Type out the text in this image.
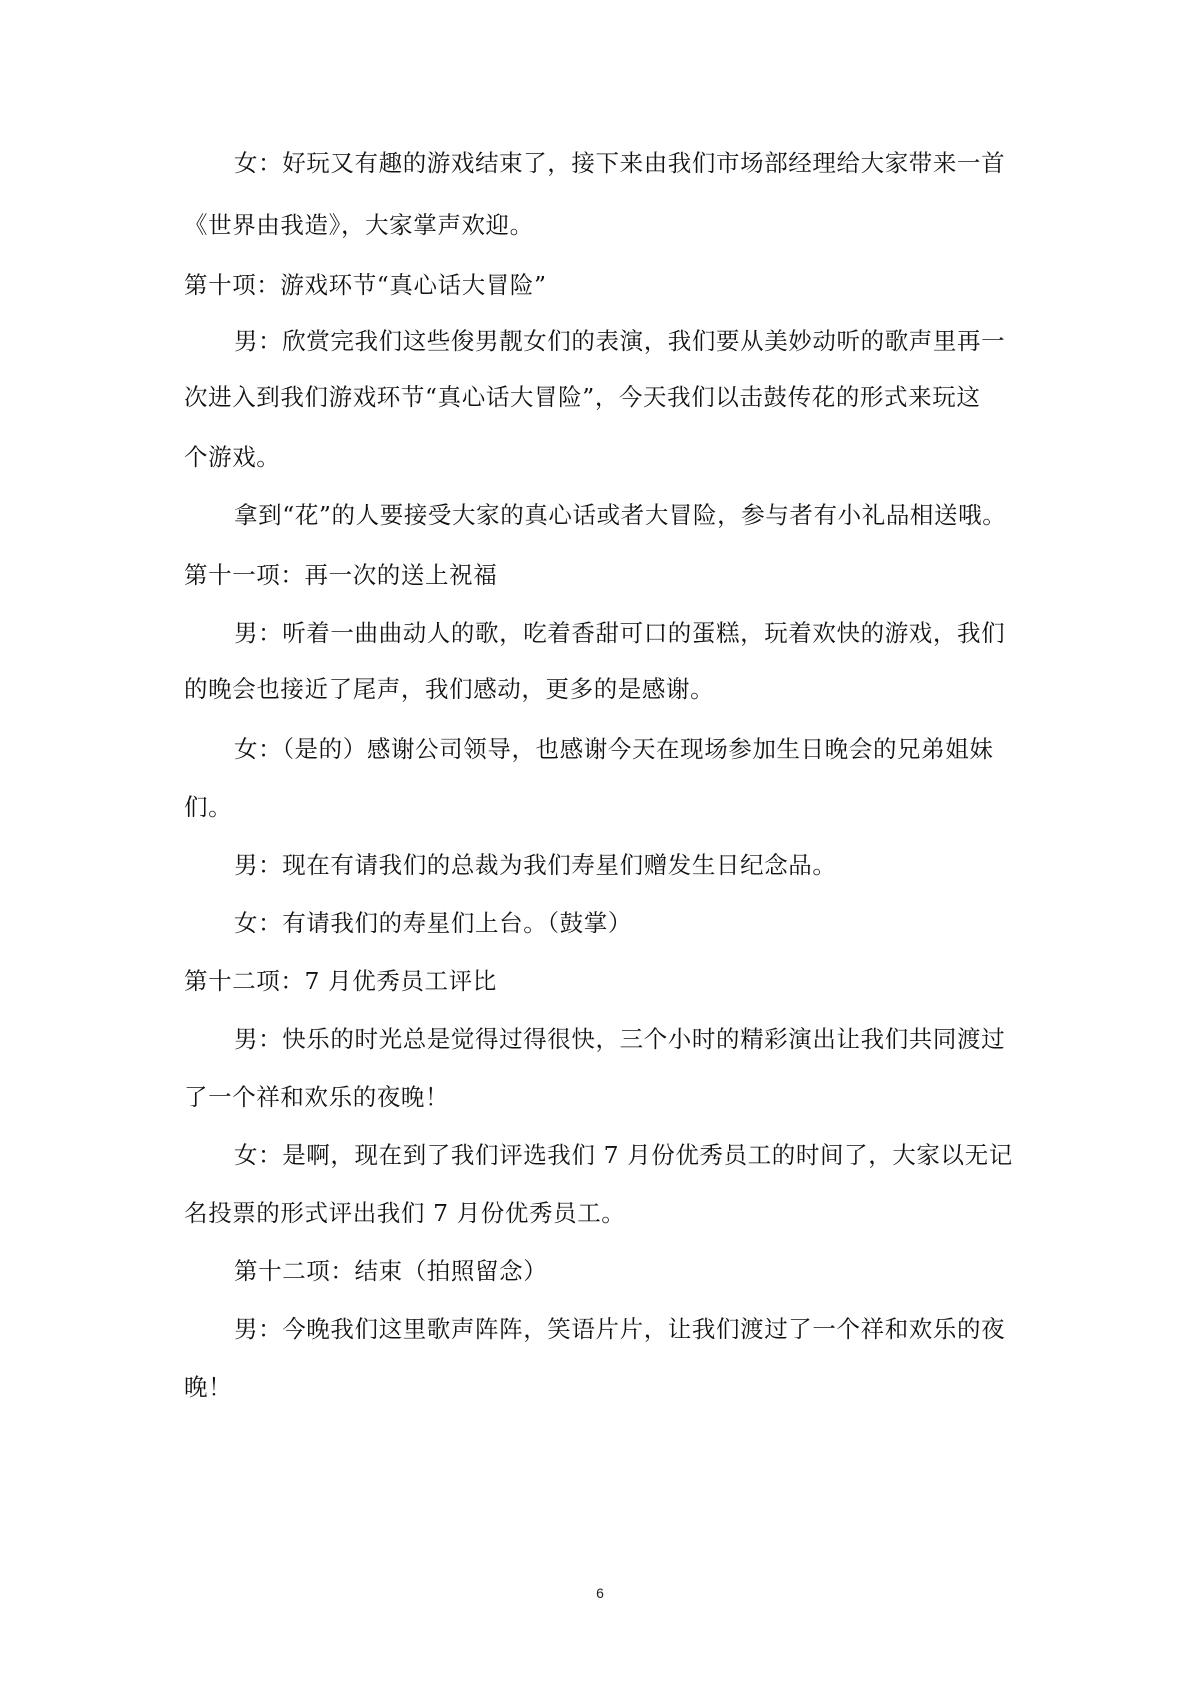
女：好玩又有趣的游戏结束了，接下来由我们市场部经理给大家带来一首
《世界由我造》，大家掌声欢迎。
第十项：游戏环节“真心话大冒险”
男：欣赏完我们这些俊男靓女们的表演，我们要从美妙动听的歌声里再一
次进入到我们游戏环节“真心话大冒险”，今天我们以击鼓传花的形式来玩这
个游戏。
拿到“花”的人要接受大家的真心话或者大冒险，参与者有小礼品相送哦。
第十一项：再一次的送上祝福
男：听着一曲曲动人的歌，吃着香甜可口的蛋糕，玩着欢快的游戏，我们
的晚会也接近了尾声，我们感动，更多的是感谢。
女：（是的）感谢公司领导，也感谢今天在现场参加生日晚会的兄弟姐妹
们。
男：现在有请我们的总裁为我们寿星们赠发生日纪念品。
女：有请我们的寿星们上台。（鼓掌）
第十二项：7 月优秀员工评比
男：快乐的时光总是觉得过得很快，三个小时的精彩演出让我们共同渡过
了一个祥和欢乐的夜晚！
女：是啊，现在到了我们评选我们 7 月份优秀员工的时间了，大家以无记
名投票的形式评出我们 7 月份优秀员工。
第十二项：结束（拍照留念）
男：今晚我们这里歌声阵阵，笑语片片，让我们渡过了一个祥和欢乐的夜
晚！
6
